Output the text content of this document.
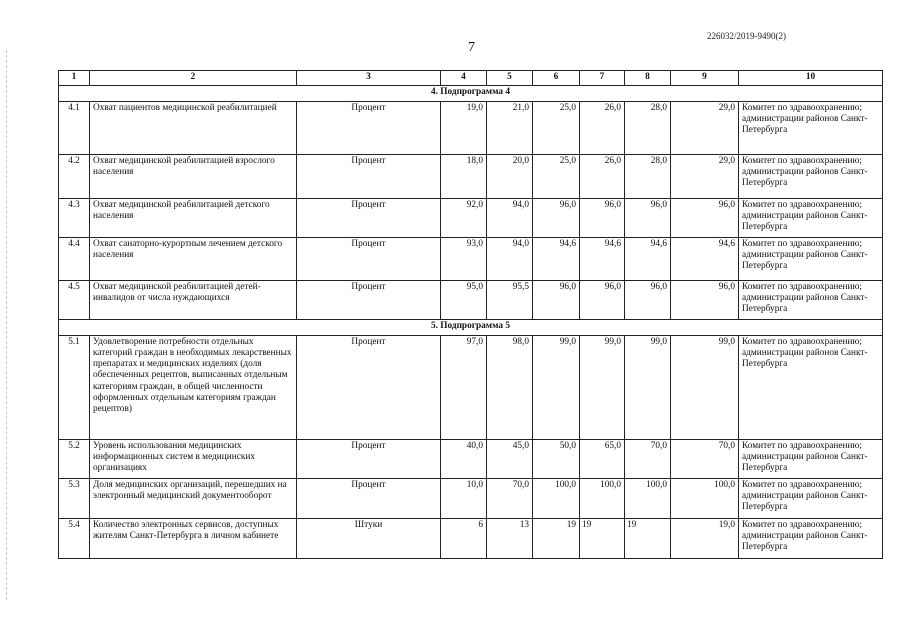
226032/2019-9490(2)
7
1	2	3	4	5	6	7	8	9	10
4. Подпрограмма 4									
4.1	Охват пациентов медицинской реабилитацией	Процент	19,0	21,0	25,0	26,0	28,0	29,0	Комитет по здравоохранению; администрации районов Санкт-Петербурга
4.2	Охват медицинской реабилитацией взрослого населения	Процент	18,0	20,0	25,0	26,0	28,0	29,0	Комитет по здравоохранению; администрации районов Санкт-Петербурга
4.3	Охват медицинской реабилитацией детского населения	Процент	92,0	94,0	96,0	96,0	96,0	96,0	Комитет по здравоохранению; администрации районов Санкт-Петербурга
4.4	Охват санаторно-курортным лечением детского населения	Процент	93,0	94,0	94,6	94,6	94,6	94,6	Комитет по здравоохранению; администрации районов Санкт-Петербурга
4.5	Охват медицинской реабилитацией детей-инвалидов от числа нуждающихся	Процент	95,0	95,5	96,0	96,0	96,0	96,0	Комитет по здравоохранению; администрации районов Санкт-Петербурга
5. Подпрограмма 5									
5.1	Удовлетворение потребности отдельных категорий граждан в необходимых лекарственных препаратах и медицинских изделиях (доля обеспеченных рецептов, выписанных отдельным категориям граждан, в общей численности оформленных отдельным категориям граждан рецептов)	Процент	97,0	98,0	99,0	99,0	99,0	99,0	Комитет по здравоохранению; администрации районов Санкт-Петербурга
5.2	Уровень использования медицинских информационных систем в медицинских организациях	Процент	40,0	45,0	50,0	65,0	70,0	70,0	Комитет по здравоохранению; администрации районов Санкт-Петербурга
5.3	Доля медицинских организаций, перешедших на электронный медицинский документооборот	Процент	10,0	70,0	100,0	100,0	100,0	100,0	Комитет по здравоохранению; администрации районов Санкт-Петербурга
5.4	Количество электронных сервисов, доступных жителям Санкт-Петербурга в личном кабинете	Штуки	6	13	19	19	19	19,0	Комитет по здравоохранению; администрации районов Санкт-Петербурга
